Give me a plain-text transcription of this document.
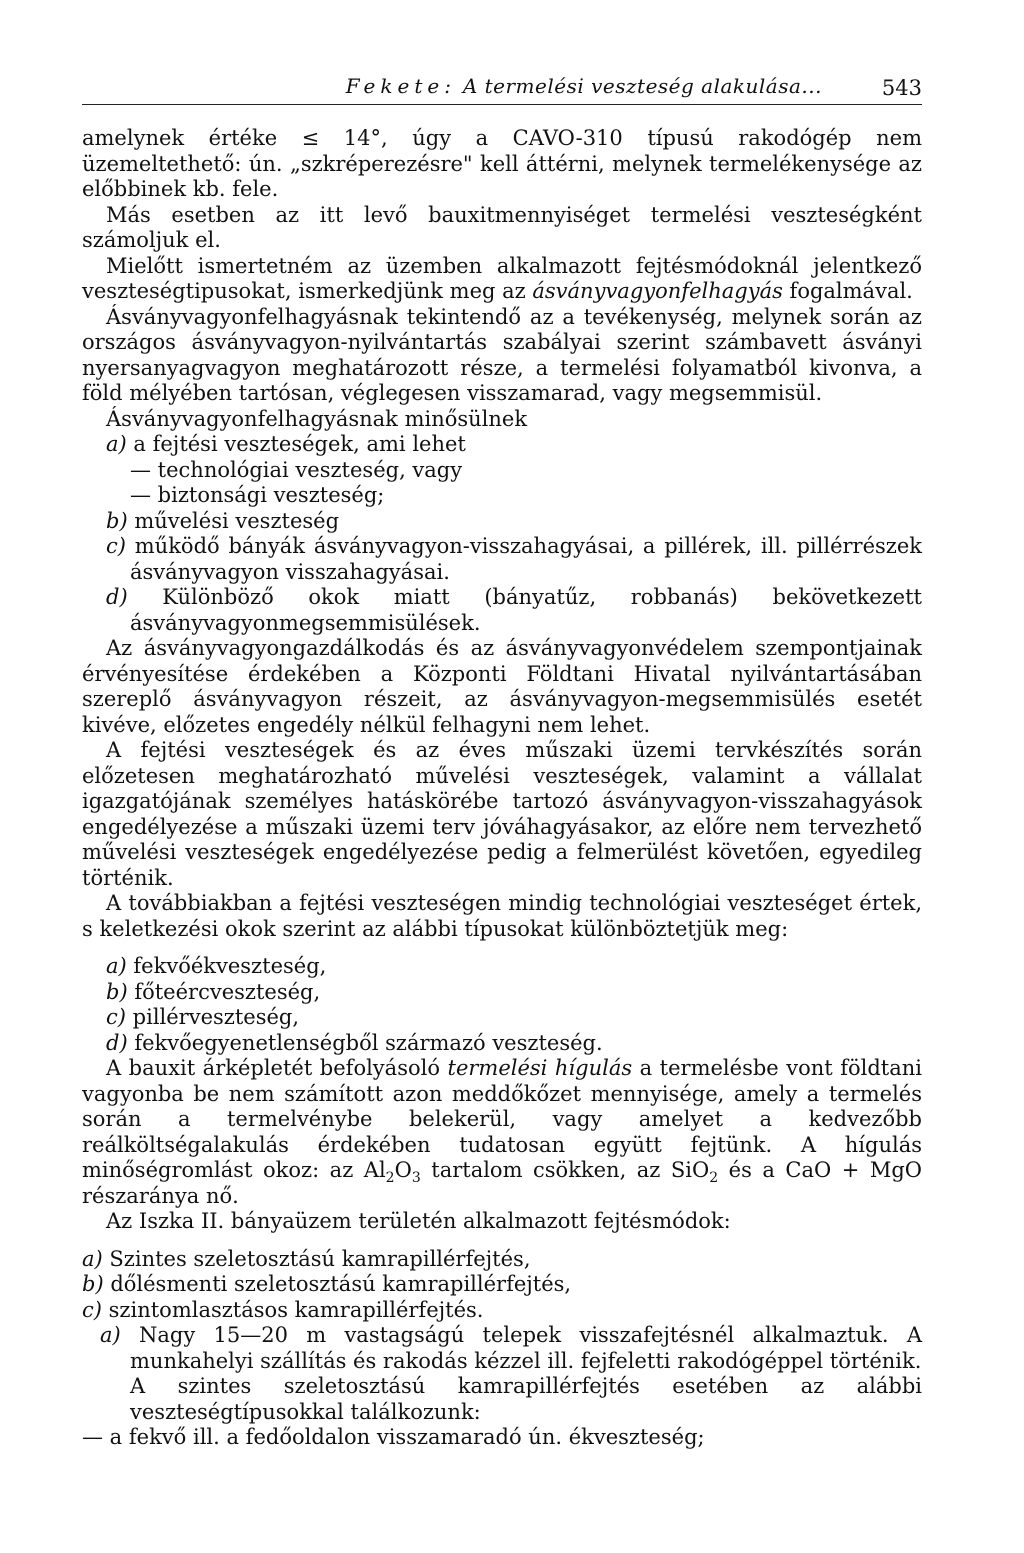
Fekete: A termelési veszteség alakulása...	543

amelynek értéke ≤ 14°, úgy a CAVO-310 típusú rakodógép nem üzemeltethető: ún. „szkréperezésre" kell áttérni, melynek termelékenysége az előbbinek kb. fele.

Más esetben az itt levő bauxitmennyiséget termelési veszteségként számoljuk el.

Mielőtt ismertetném az üzemben alkalmazott fejtésmódoknál jelentkező veszteségtipusokat, ismerkedjünk meg az ásványvagyonfelhagyás fogalmával.

Ásványvagyonfelhagyásnak tekintendő az a tevékenység, melynek során az országos ásványvagyon-nyilvántartás szabályai szerint számbavett ásványi nyersanyagvagyon meghatározott része, a termelési folyamatból kivonva, a föld mélyében tartósan, véglegesen visszamarad, vagy megsemmisül.

Ásványvagyonfelhagyásnak minősülnek

a) a fejtési veszteségek, ami lehet

— technológiai veszteség, vagy

— biztonsági veszteség;

b) művelési veszteség

c) működő bányák ásványvagyon-visszahagyásai, a pillérek, ill. pillérrészek ásványvagyon visszahagyásai.

d) Különböző okok miatt (bányatűz, robbanás) bekövetkezett ásványvagyonmegsemmisülések.

Az ásványvagyongazdálkodás és az ásványvagyonvédelem szempontjainak érvényesítése érdekében a Központi Földtani Hivatal nyilvántartásában szereplő ásványvagyon részeit, az ásványvagyon-megsemmisülés esetét kivéve, előzetes engedély nélkül felhagyni nem lehet.

A fejtési veszteségek és az éves műszaki üzemi tervkészítés során előzetesen meghatározható művelési veszteségek, valamint a vállalat igazgatójának személyes hatáskörébe tartozó ásványvagyon-visszahagyások engedélyezése a műszaki üzemi terv jóváhagyásakor, az előre nem tervezhető művelési veszteségek engedélyezése pedig a felmerülést követően, egyedileg történik.

A továbbiakban a fejtési veszteségen mindig technológiai veszteséget értek, s keletkezési okok szerint az alábbi típusokat különböztetjük meg:

a) fekvőékveszteség,

b) főteércveszteség,

c) pillérveszteség,

d) fekvőegyenetlenségből származó veszteség.

A bauxit árképletét befolyásoló termelési hígulás a termelésbe vont földtani vagyonba be nem számított azon meddőkőzet mennyisége, amely a termelés során a termelvénybe belekerül, vagy amelyet a kedvezőbb reálköltségalakulás érdekében tudatosan együtt fejtünk. A hígulás minőségromlást okoz: az $Al_2O_3$ tartalom csökken, az SiO$_2$ és a CaO + MgO részaránya nő.

Az Iszka II. bányaüzem területén alkalmazott fejtésmódok:

a) Szintes szeletosztású kamrapillérfejtés,

b) dőlésmenti szeletosztású kamrapillérfejtés,

c) szintomlasztásos kamrapillérfejtés.

a) Nagy 15—20 m vastagságú telepek visszafejtésnél alkalmaztuk. A munkahelyi szállítás és rakodás kézzel ill. fejfeletti rakodógéppel történik.

A szintes szeletosztású kamrapillérfejtés esetében az alábbi veszteségtípusokkal találkozunk:

— a fekvő ill. a fedőoldalon visszamaradó ún. ékveszteség;
